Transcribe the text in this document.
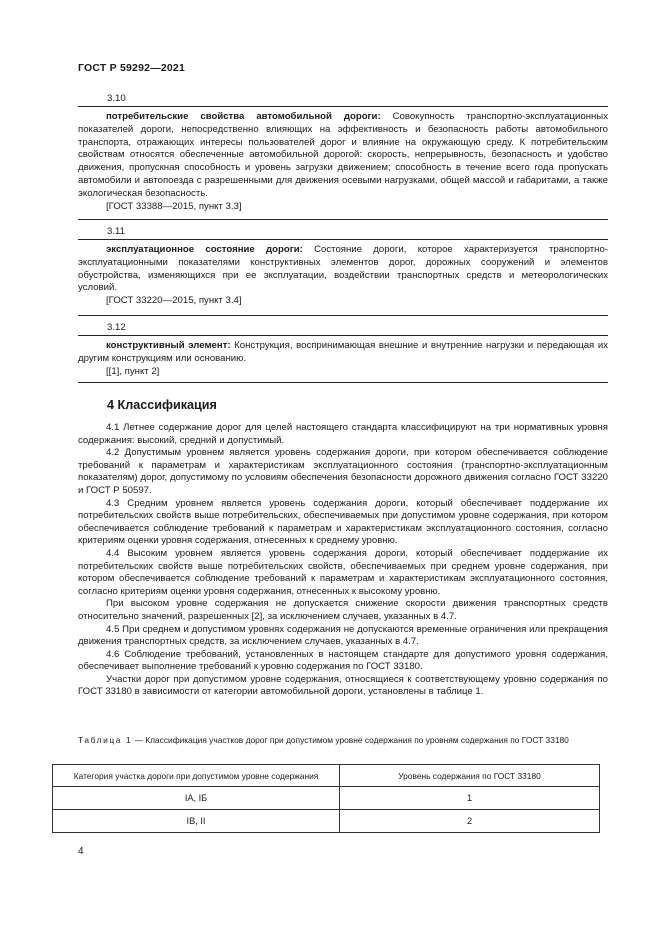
ГОСТ Р 59292—2021
3.10

потребительские свойства автомобильной дороги: Совокупность транспортно-эксплуатационных показателей дороги, непосредственно влияющих на эффективность и безопасность работы автомобильного транспорта, отражающих интересы пользователей дорог и влияние на окружающую среду. К потребительским свойствам относятся обеспеченные автомобильной дорогой: скорость, непрерывность, безопасность и удобство движения, пропускная способность и уровень загрузки движением; способность в течение всего года пропускать автомобили и автопоезда с разрешенными для движения осевыми нагрузками, общей массой и габаритами, а также экологическая безопасность.

[ГОСТ 33388—2015, пункт 3.3]
3.11

эксплуатационное состояние дороги: Состояние дороги, которое характеризуется транспортно-эксплуатационными показателями конструктивных элементов дорог, дорожных сооружений и элементов обустройства, изменяющихся при ее эксплуатации, воздействии транспортных средств и метеорологических условий.

[ГОСТ 33220—2015, пункт 3.4]
3.12

конструктивный элемент: Конструкция, воспринимающая внешние и внутренние нагрузки и передающая их другим конструкциям или основанию.

[[1], пункт 2]
4 Классификация

4.1 Летнее содержание дорог для целей настоящего стандарта классифицируют на три нормативных уровня содержания: высокий, средний и допустимый.

4.2 Допустимым уровнем является уровень содержания дороги, при котором обеспечивается соблюдение требований к параметрам и характеристикам эксплуатационного состояния (транспортно-эксплуатационным показателям) дорог, допустимому по условиям обеспечения безопасности дорожного движения согласно ГОСТ 33220 и ГОСТ Р 50597.

4.3 Средним уровнем является уровень содержания дороги, который обеспечивает поддержание их потребительских свойств выше потребительских, обеспечиваемых при допустимом уровне содержания, при котором обеспечивается соблюдение требований к параметрам и характеристикам эксплуатационного состояния, согласно критериям оценки уровня содержания, отнесенных к среднему уровню.

4.4 Высоким уровнем является уровень содержания дороги, который обеспечивает поддержание их потребительских свойств выше потребительских свойств, обеспечиваемых при среднем уровне содержания, при котором обеспечивается соблюдение требований к параметрам и характеристикам эксплуатационного состояния, согласно критериям оценки уровня содержания, отнесенных к высокому уровню.

При высоком уровне содержания не допускается снижение скорости движения транспортных средств относительно значений, разрешенных [2], за исключением случаев, указанных в 4.7.

4.5 При среднем и допустимом уровнях содержания не допускаются временные ограничения или прекращения движения транспортных средств, за исключением случаев, указанных в 4.7.

4.6 Соблюдение требований, установленных в настоящем стандарте для допустимого уровня содержания, обеспечивает выполнение требований к уровню содержания по ГОСТ 33180.

Участки дорог при допустимом уровне содержания, относящиеся к соответствующему уровню содержания по ГОСТ 33180 в зависимости от категории автомобильной дороги, установлены в таблице 1.

Таблица 1 — Классификация участков дорог при допустимом уровне содержания по уровням содержания по ГОСТ 33180
Категория участка дороги при допустимом уровне содержания	Уровень содержания по ГОСТ 33180
IA, IБ	1
IB, II	2
4
